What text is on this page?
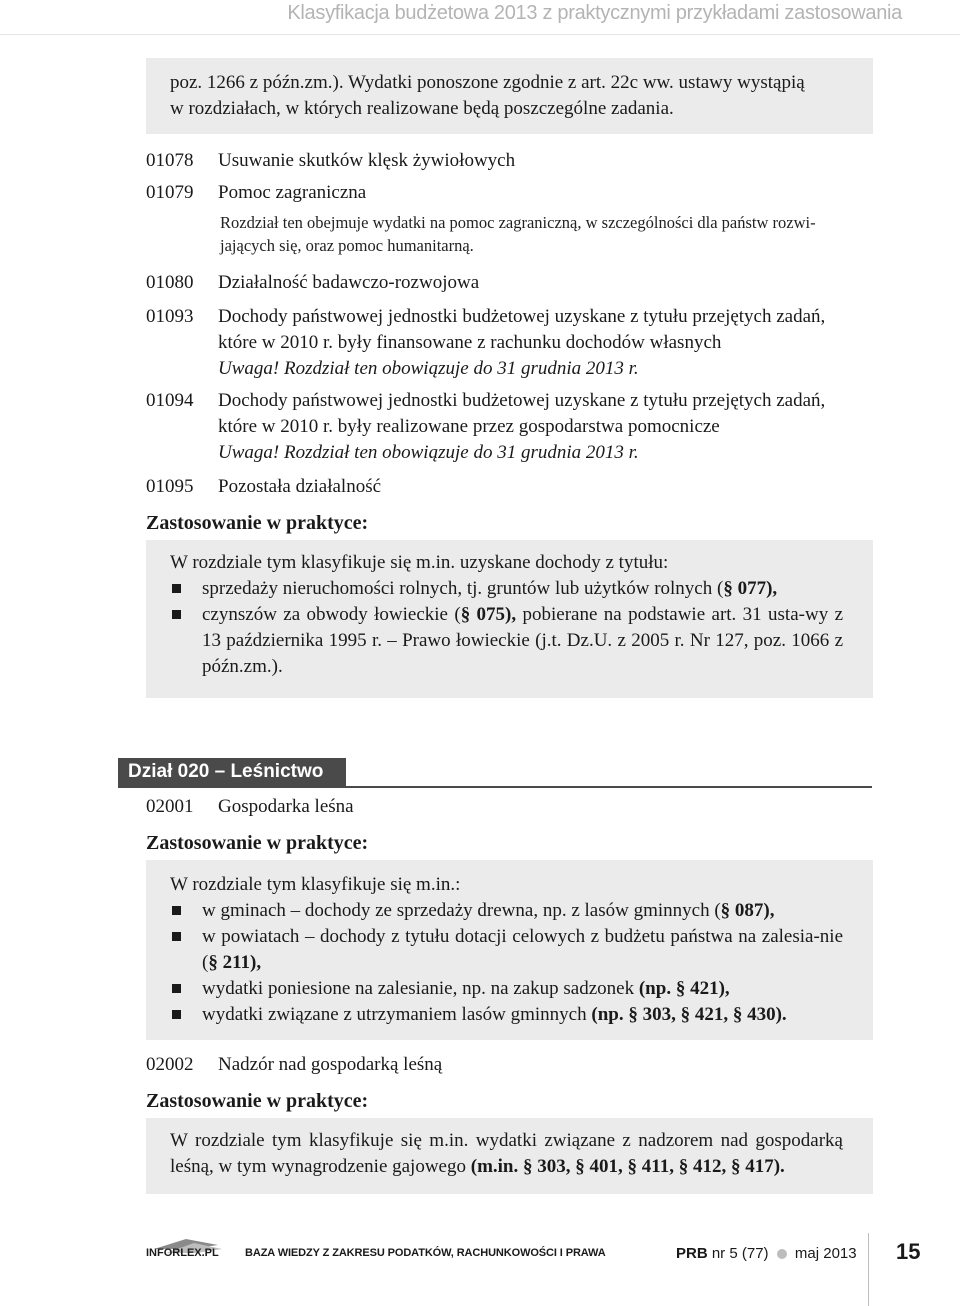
Klasyfikacja budżetowa 2013 z praktycznymi przykładami zastosowania
poz. 1266 z późn.zm.). Wydatki ponoszone zgodnie z art. 22c ww. ustawy wystąpią
w rozdziałach, w których realizowane będą poszczególne zadania.
01078	Usuwanie skutków klęsk żywiołowych
01079	Pomoc zagraniczna
Rozdział ten obejmuje wydatki na pomoc zagraniczną, w szczególności dla państw rozwi-
jających się, oraz pomoc humanitarną.
01080	Działalność badawczo-rozwojowa
01093	Dochody państwowej jednostki budżetowej uzyskane z tytułu przejętych zadań,
które w 2010 r. były finansowane z rachunku dochodów własnych
Uwaga! Rozdział ten obowiązuje do 31 grudnia 2013 r.
01094	Dochody państwowej jednostki budżetowej uzyskane z tytułu przejętych zadań,
które w 2010 r. były realizowane przez gospodarstwa pomocnicze
Uwaga! Rozdział ten obowiązuje do 31 grudnia 2013 r.
01095	Pozostała działalność
Zastosowanie w praktyce:
W rozdziale tym klasyfikuje się m.in. uzyskane dochody z tytułu:
sprzedaży nieruchomości rolnych, tj. gruntów lub użytków rolnych (§ 077),
czynszów za obwody łowieckie (§ 075), pobierane na podstawie art. 31 usta-wy z 13 października 1995 r. – Prawo łowieckie (j.t. Dz.U. z 2005 r. Nr 127, poz. 1066 z późn.zm.).
Dział 020 – Leśnictwo
02001	Gospodarka leśna
Zastosowanie w praktyce:
W rozdziale tym klasyfikuje się m.in.:
w gminach – dochody ze sprzedaży drewna, np. z lasów gminnych (§ 087),
w powiatach – dochody z tytułu dotacji celowych z budżetu państwa na zalesia-nie (§ 211),
wydatki poniesione na zalesianie, np. na zakup sadzonek (np. § 421),
wydatki związane z utrzymaniem lasów gminnych (np. § 303, § 421, § 430).
02002	Nadzór nad gospodarką leśną
Zastosowanie w praktyce:
W rozdziale tym klasyfikuje się m.in. wydatki związane z nadzorem nad gospodarką leśną, w tym wynagrodzenie gajowego (m.in. § 303, § 401, § 411, § 412, § 417).
INFORLEX.PL BAZA WIEDZY Z ZAKRESU PODATKÓW, RACHUNKOWOŚCI I PRAWA	PRB nr 5 (77) maj 2013 15
